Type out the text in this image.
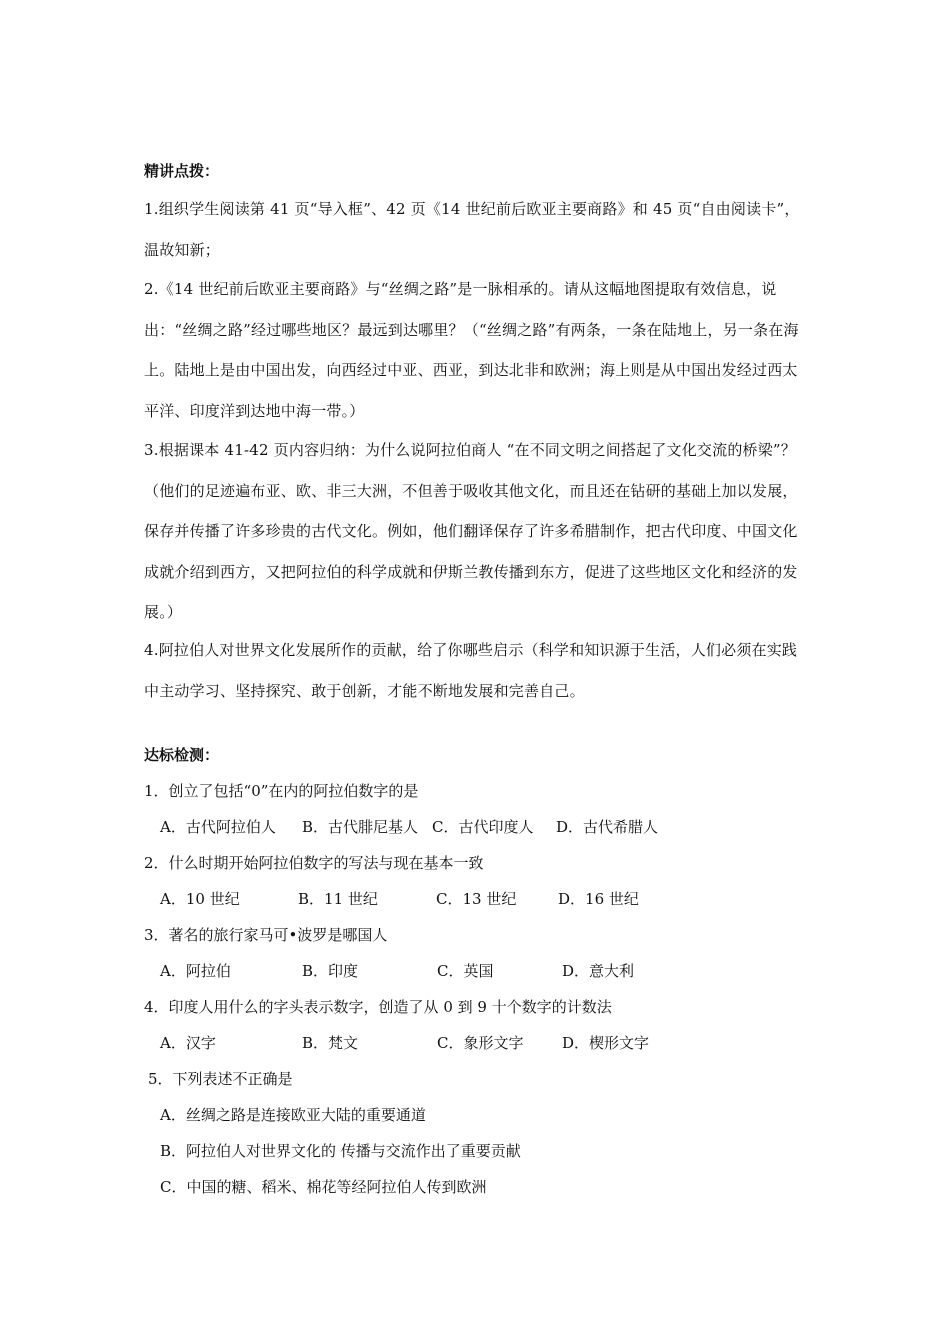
精讲点拨：
1.组织学生阅读第 41 页“导入框”、42 页《14 世纪前后欧亚主要商路》和 45 页“自由阅读卡”，温故知新；
2.《14 世纪前后欧亚主要商路》与“丝绸之路”是一脉相承的。请从这幅地图提取有效信息，说出：“丝绸之路”经过哪些地区？最远到达哪里？（“丝绸之路”有两条，一条在陆地上，另一条在海上。陆地上是由中国出发，向西经过中亚、西亚，到达北非和欧洲；海上则是从中国出发经过西太平洋、印度洋到达地中海一带。）
3.根据课本 41-42 页内容归纳：为什么说阿拉伯商人 “在不同文明之间搭起了文化交流的桥梁”？（他们的足迹遍布亚、欧、非三大洲，不但善于吸收其他文化，而且还在钻研的基础上加以发展，保存并传播了许多珍贵的古代文化。例如，他们翻译保存了许多希腊制作，把古代印度、中国文化成就介绍到西方，又把阿拉伯的科学成就和伊斯兰教传播到东方，促进了这些地区文化和经济的发展。）
4.阿拉伯人对世界文化发展所作的贡献，给了你哪些启示（科学和知识源于生活，人们必须在实践中主动学习、坚持探究、敢于创新，才能不断地发展和完善自己。
达标检测：
1．创立了包括“0”在内的阿拉伯数字的是
A．古代阿拉伯人 B．古代腓尼基人 C．古代印度人 D．古代希腊人
2．什么时期开始阿拉伯数字的写法与现在基本一致
A．10 世纪	B．11 世纪	C．13 世纪	D．16 世纪
3．著名的旅行家马可•波罗是哪国人
A．阿拉伯	B．印度	C．英国	D．意大利
4．印度人用什么的字头表示数字，创造了从 0 到 9 十个数字的计数法
A．汉字	B．梵文	C．象形文字	D．楔形文字
5．下列表述不正确是
A．丝绸之路是连接欧亚大陆的重要通道
B．阿拉伯人对世界文化的 传播与交流作出了重要贡献
C．中国的糖、稻米、棉花等经阿拉伯人传到欧洲
